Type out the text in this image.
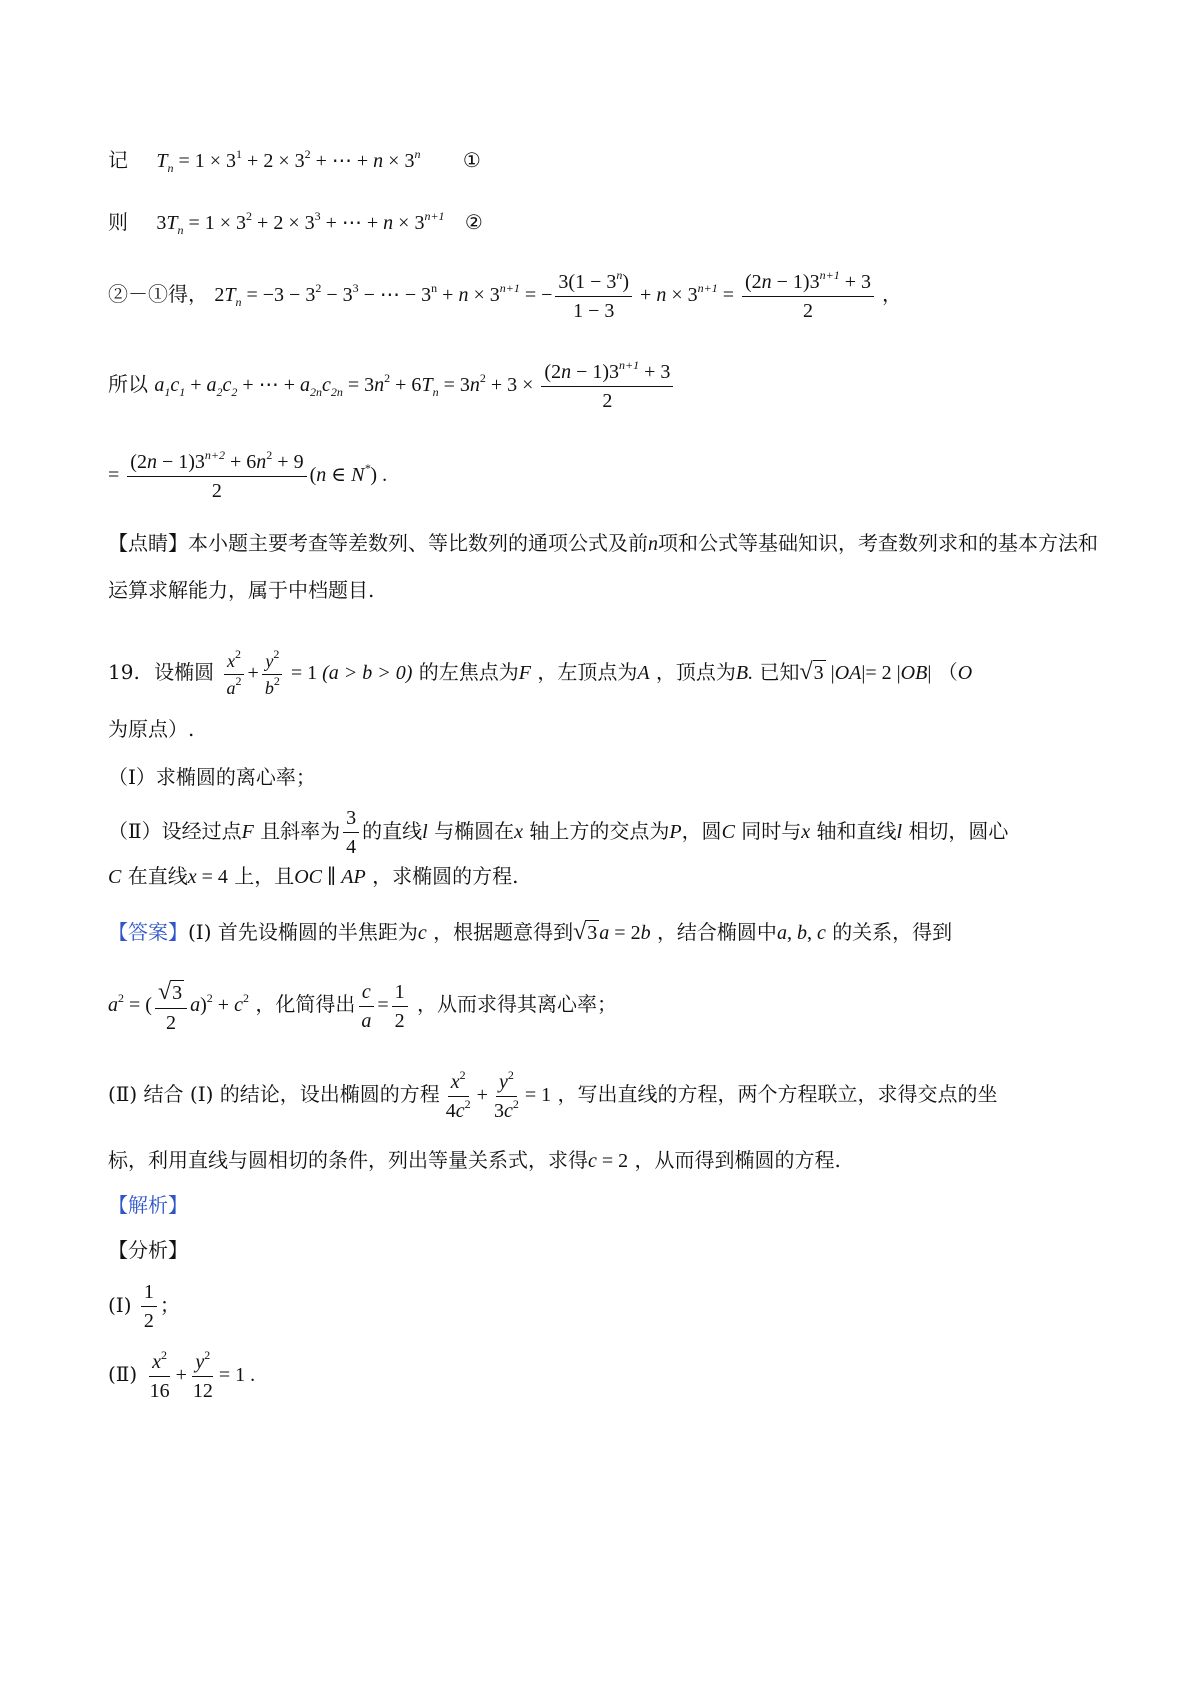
记 $T_n = 1 \times 3^1 + 2 \times 3^2$ + ⋯ + $n \times 3^n$ ①
则 $3T_n = 1 \times 3^2 + 2 \times 3^3$ + ⋯ + $n \times 3^{n+1}$ ②
②－①得， $2T_n = -3 - 3^2 - 3^3$ − ⋯ − $3^n + n \times 3^{n+1}$ = − $\frac{3(1 - 3^n)}{1 - 3} + n \times 3^{n+1} = \frac{(2n - 1)3^{n+1} + 3}{2}$ ，
所以 $a_1c_1 + a_2c_2$ + ⋯ + $a_{2n}c_{2n} = 3n^2 + 6T_n = 3n^2 + 3 \times \frac{(2n - 1)3^{n+1} + 3}{2}$
= $\frac{(2n - 1)3^{n+2} + 6n^2 + 9}{2} (n$ ∈ N*) .
【点睛】本小题主要考查等差数列、等比数列的通项公式及前n项和公式等基础知识，考查数列求和的基本方法和运算求解能力，属于中档题目.
19. 设椭圆 $\frac{x^2}{a^2} + \frac{y^2}{b^2} = 1$ (a > b > 0) 的左焦点为F ，左顶点为A ，顶点为B. 已知√3 |OA|= 2 |OB| （O
为原点）.
（Ⅰ）求椭圆的离心率；
（Ⅱ）设经过点F 且斜率为 $\frac{3}{4}$ 的直线l 与椭圆在x 轴上方的交点为P，圆C 同时与x 轴和直线l 相切，圆心
C 在直线x = 4 上，且OC ∥ AP ，求椭圆的方程.
【答案】(Ⅰ) 首先设椭圆的半焦距为c ，根据题意得到√3 a = 2b ，结合椭圆中a, b, c 的关系，得到
$a^2$ = ( $\frac{√3}{2} a)^2 + c^2$ ，化简得出 $\frac{c}{a} = \frac{1}{2}$ ，从而求得其离心率；
(Ⅱ) 结合 (Ⅰ) 的结论，设出椭圆的方程 $\frac{x^2}{4c^2} + \frac{y^2}{3c^2} = 1$ ，写出直线的方程，两个方程联立，求得交点的坐
标，利用直线与圆相切的条件，列出等量关系式，求得c = 2 ，从而得到椭圆的方程.
【解析】
【分析】
(Ⅰ) $\frac{1}{2}$ ；
(Ⅱ) $\frac{x^2}{16} + \frac{y^2}{12} = 1$ .
